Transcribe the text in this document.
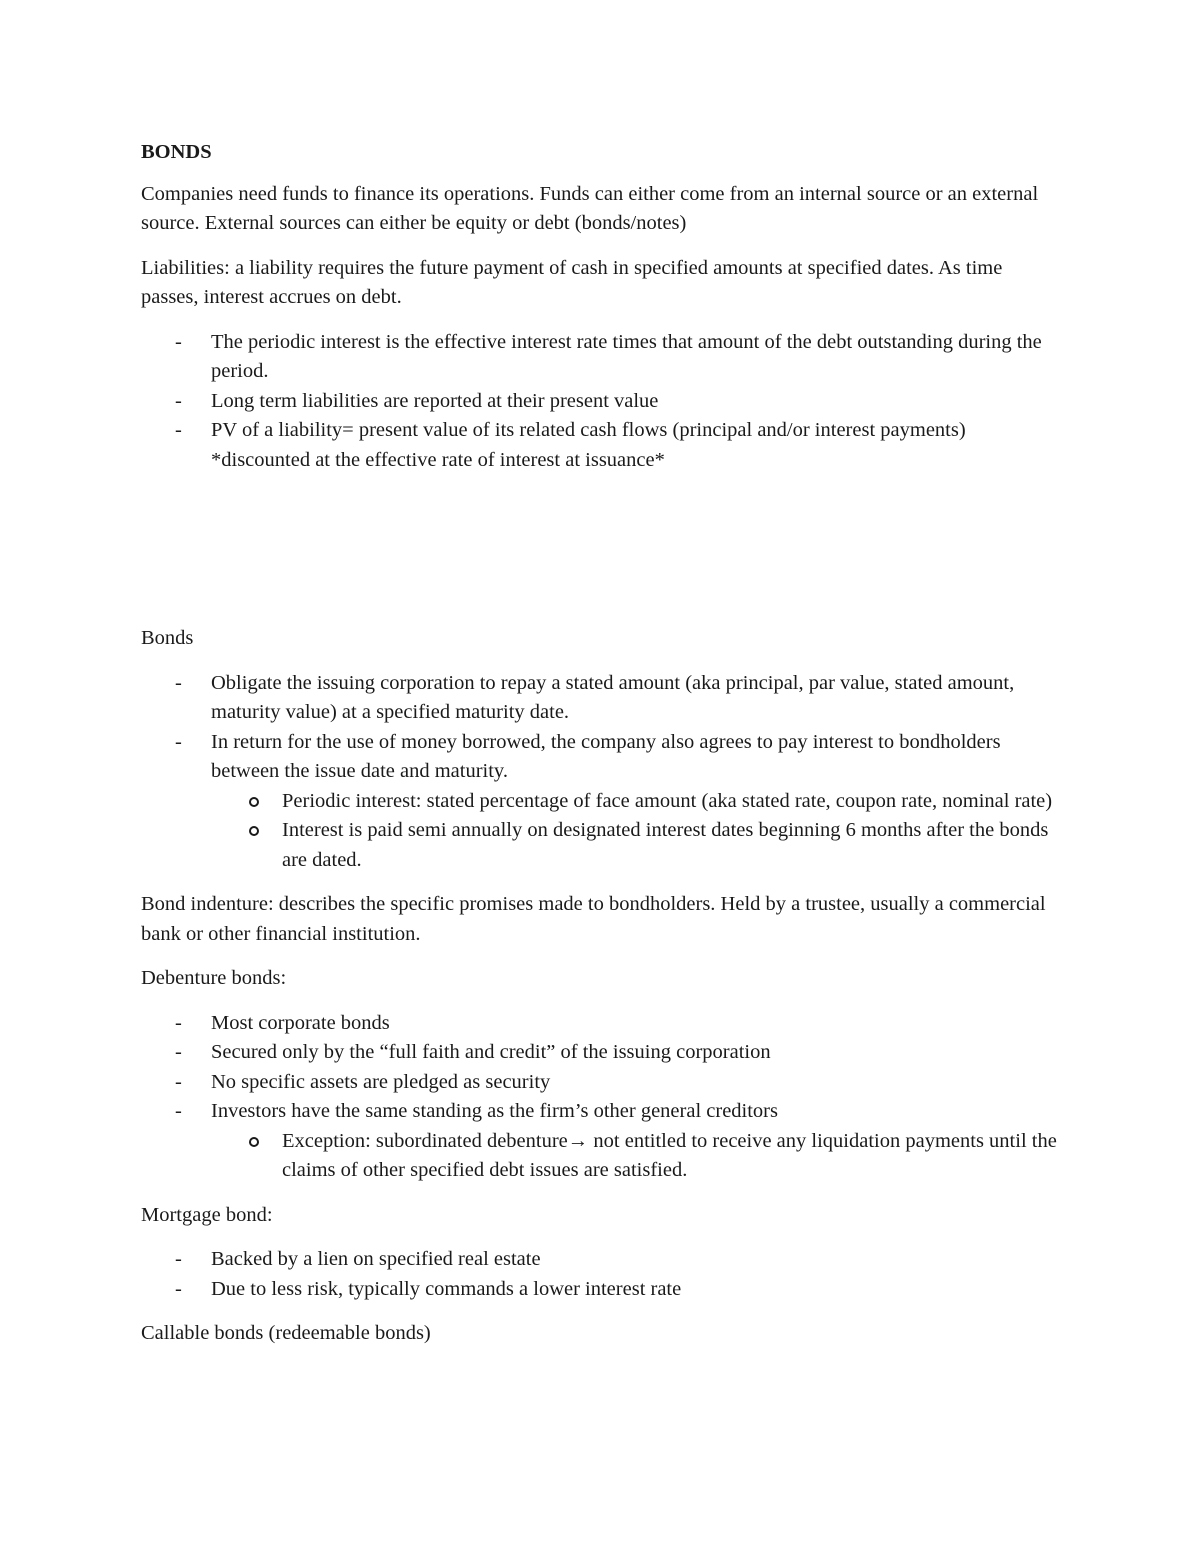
BONDS

Companies need funds to finance its operations. Funds can either come from an internal source or an external source. External sources can either be equity or debt (bonds/notes)

Liabilities: a liability requires the future payment of cash in specified amounts at specified dates. As time passes, interest accrues on debt.

- The periodic interest is the effective interest rate times that amount of the debt outstanding during the period.
- Long term liabilities are reported at their present value
- PV of a liability= present value of its related cash flows (principal and/or interest payments) *discounted at the effective rate of interest at issuance*

Bonds

- Obligate the issuing corporation to repay a stated amount (aka principal, par value, stated amount, maturity value) at a specified maturity date.
- In return for the use of money borrowed, the company also agrees to pay interest to bondholders between the issue date and maturity.
Periodic interest: stated percentage of face amount (aka stated rate, coupon rate, nominal rate)
Interest is paid semi annually on designated interest dates beginning 6 months after the bonds are dated.

Bond indenture: describes the specific promises made to bondholders. Held by a trustee, usually a commercial bank or other financial institution.

Debenture bonds:

- Most corporate bonds
- Secured only by the “full faith and credit” of the issuing corporation
- No specific assets are pledged as security
- Investors have the same standing as the firm’s other general creditors
Exception: subordinated debenture→ not entitled to receive any liquidation payments until the claims of other specified debt issues are satisfied.

Mortgage bond:

- Backed by a lien on specified real estate
- Due to less risk, typically commands a lower interest rate

Callable bonds (redeemable bonds)
